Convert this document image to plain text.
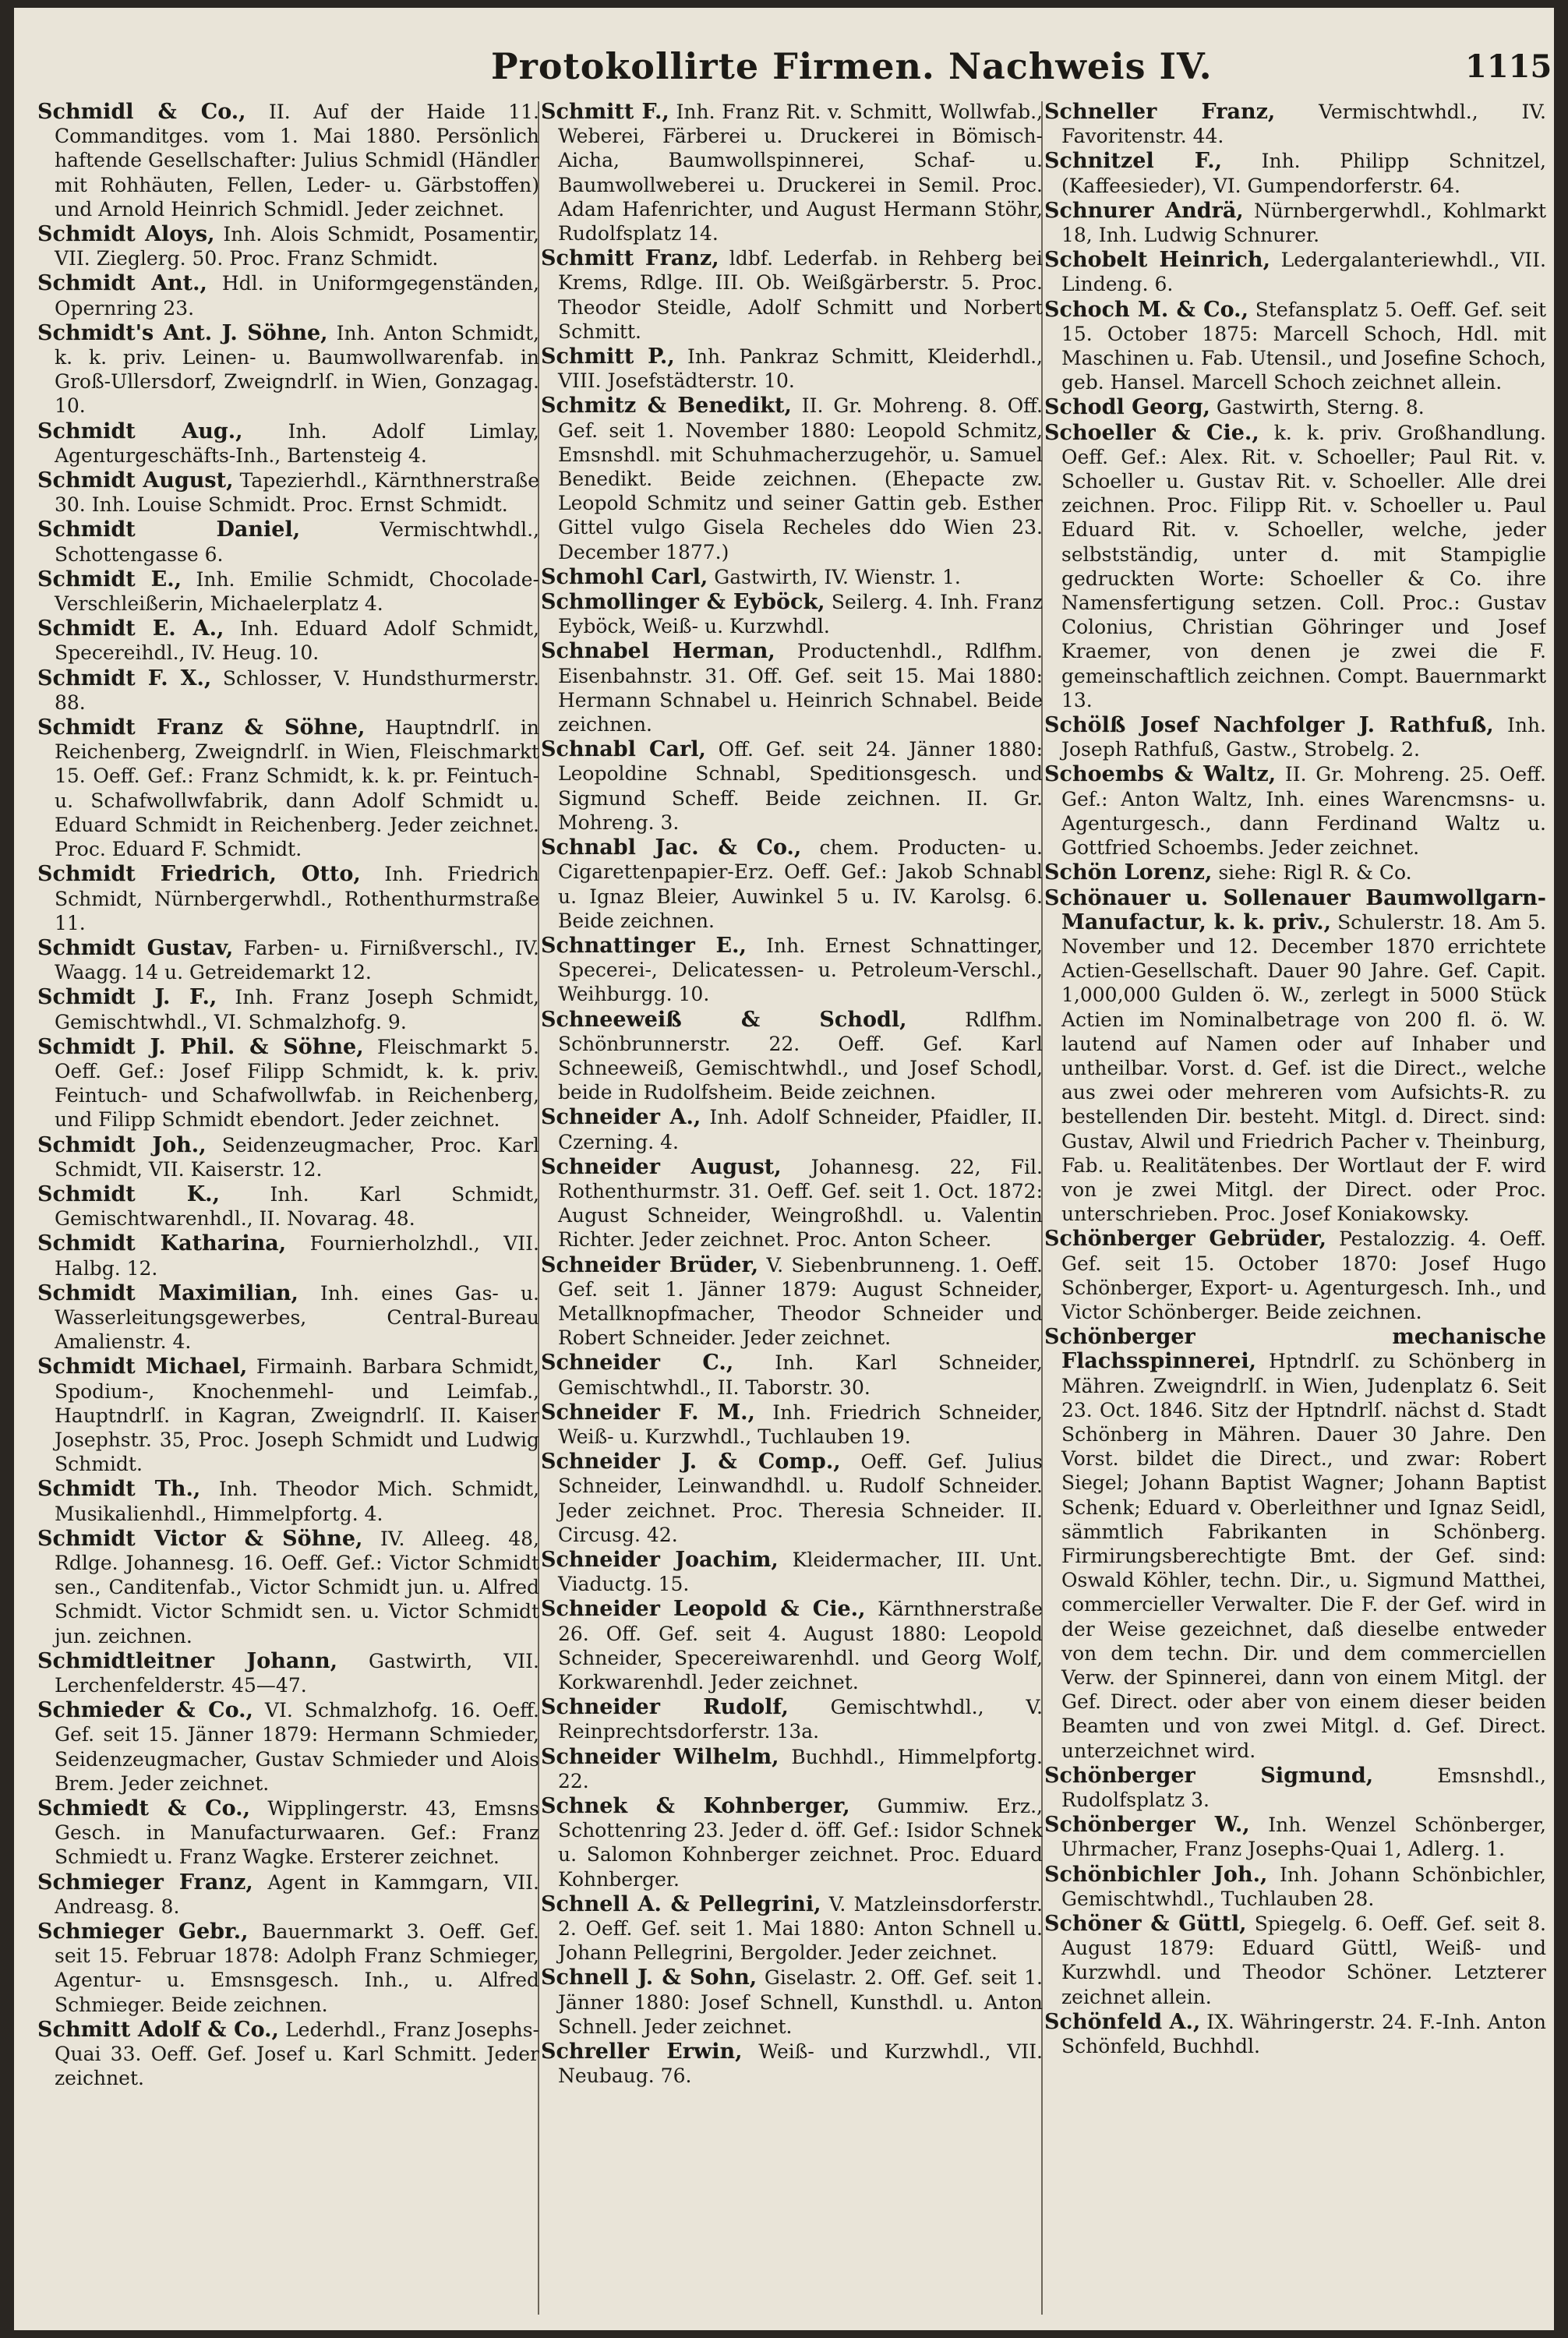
Protokollirte Firmen. Nachweis IV.	1115

Schmidl & Co., II. Auf der Haide 11. Commanditges. vom 1. Mai 1880. Persönlich haftende Gesellschafter: Julius Schmidl (Händler mit Rohhäuten, Fellen, Leder- u. Gärbstoffen) und Arnold Heinrich Schmidl. Jeder zeichnet.

Schmidt Aloys, Inh. Alois Schmidt, Posamentir, VII. Zieglerg. 50. Proc. Franz Schmidt.

Schmidt Ant., Hdl. in Uniformgegenständen, Opernring 23.

Schmidt's Ant. J. Söhne, Inh. Anton Schmidt, k. k. priv. Leinen- u. Baumwollwarenfab. in Groß-Ullersdorf, Zweigndrlſ. in Wien, Gonzagag. 10.

Schmidt Aug., Inh. Adolf Limlay, Agenturgeschäfts-Inh., Bartensteig 4.

Schmidt August, Tapezierhdl., Kärnthnerstraße 30. Inh. Louise Schmidt. Proc. Ernst Schmidt.

Schmidt Daniel, Vermischtwhdl., Schottengasse 6.

Schmidt E., Inh. Emilie Schmidt, Chocolade-Verschleißerin, Michaelerplatz 4.

Schmidt E. A., Inh. Eduard Adolf Schmidt, Specereihdl., IV. Heug. 10.

Schmidt F. X., Schlosser, V. Hundsthurmerstr. 88.

Schmidt Franz & Söhne, Hauptndrlſ. in Reichenberg, Zweigndrlſ. in Wien, Fleischmarkt 15. Oeff. Gef.: Franz Schmidt, k. k. pr. Feintuch- u. Schafwollwfabrik, dann Adolf Schmidt u. Eduard Schmidt in Reichenberg. Jeder zeichnet. Proc. Eduard F. Schmidt.

Schmidt Friedrich, Otto, Inh. Friedrich Schmidt, Nürnbergerwhdl., Rothenthurmstraße 11.

Schmidt Gustav, Farben- u. Firnißverschl., IV. Waagg. 14 u. Getreidemarkt 12.

Schmidt J. F., Inh. Franz Joseph Schmidt, Gemischtwhdl., VI. Schmalzhofg. 9.

Schmidt J. Phil. & Söhne, Fleischmarkt 5. Oeff. Gef.: Josef Filipp Schmidt, k. k. priv. Feintuch- und Schafwollwfab. in Reichenberg, und Filipp Schmidt ebendort. Jeder zeichnet.

Schmidt Joh., Seidenzeugmacher, Proc. Karl Schmidt, VII. Kaiserstr. 12.

Schmidt K., Inh. Karl Schmidt, Gemischtwarenhdl., II. Novarag. 48.

Schmidt Katharina, Fournierholzhdl., VII. Halbg. 12.

Schmidt Maximilian, Inh. eines Gas- u. Wasserleitungsgewerbes, Central-Bureau Amalienstr. 4.

Schmidt Michael, Firmainh. Barbara Schmidt, Spodium-, Knochenmehl- und Leimfab., Hauptndrlſ. in Kagran, Zweigndrlſ. II. Kaiser Josephstr. 35, Proc. Joseph Schmidt und Ludwig Schmidt.

Schmidt Th., Inh. Theodor Mich. Schmidt, Musikalienhdl., Himmelpfortg. 4.

Schmidt Victor & Söhne, IV. Alleeg. 48, Rdlge. Johannesg. 16. Oeff. Gef.: Victor Schmidt sen., Canditenfab., Victor Schmidt jun. u. Alfred Schmidt. Victor Schmidt sen. u. Victor Schmidt jun. zeichnen.

Schmidtleitner Johann, Gastwirth, VII. Lerchenfelderstr. 45—47.

Schmieder & Co., VI. Schmalzhofg. 16. Oeff. Gef. seit 15. Jänner 1879: Hermann Schmieder, Seidenzeugmacher, Gustav Schmieder und Alois Brem. Jeder zeichnet.

Schmiedt & Co., Wipplingerstr. 43, Emsns Gesch. in Manufacturwaaren. Gef.: Franz Schmiedt u. Franz Wagke. Ersterer zeichnet.

Schmieger Franz, Agent in Kammgarn, VII. Andreasg. 8.

Schmieger Gebr., Bauernmarkt 3. Oeff. Gef. seit 15. Februar 1878: Adolph Franz Schmieger, Agentur- u. Emsnsgesch. Inh., u. Alfred Schmieger. Beide zeichnen.

Schmitt Adolf & Co., Lederhdl., Franz Josephs-Quai 33. Oeff. Gef. Josef u. Karl Schmitt. Jeder zeichnet.

Schmitt F., Inh. Franz Rit. v. Schmitt, Wollwfab., Weberei, Färberei u. Druckerei in Bömisch-Aicha, Baumwollspinnerei, Schaf- u. Baumwollweberei u. Druckerei in Semil. Proc. Adam Hafenrichter, und August Hermann Stöhr, Rudolfsplatz 14.

Schmitt Franz, ldbf. Lederfab. in Rehberg bei Krems, Rdlge. III. Ob. Weißgärberstr. 5. Proc. Theodor Steidle, Adolf Schmitt und Norbert Schmitt.

Schmitt P., Inh. Pankraz Schmitt, Kleiderhdl., VIII. Josefstädterstr. 10.

Schmitz & Benedikt, II. Gr. Mohreng. 8. Off. Gef. seit 1. November 1880: Leopold Schmitz, Emsnshdl. mit Schuhmacherzugehör, u. Samuel Benedikt. Beide zeichnen. (Ehepacte zw. Leopold Schmitz und seiner Gattin geb. Esther Gittel vulgo Gisela Recheles ddo Wien 23. December 1877.)

Schmohl Carl, Gastwirth, IV. Wienstr. 1.

Schmollinger & Eyböck, Seilerg. 4. Inh. Franz Eyböck, Weiß- u. Kurzwhdl.

Schnabel Herman, Productenhdl., Rdlfhm. Eisenbahnstr. 31. Off. Gef. seit 15. Mai 1880: Hermann Schnabel u. Heinrich Schnabel. Beide zeichnen.

Schnabl Carl, Off. Gef. seit 24. Jänner 1880: Leopoldine Schnabl, Speditionsgesch. und Sigmund Scheff. Beide zeichnen. II. Gr. Mohreng. 3.

Schnabl Jac. & Co., chem. Producten- u. Cigarettenpapier-Erz. Oeff. Gef.: Jakob Schnabl u. Ignaz Bleier, Auwinkel 5 u. IV. Karolsg. 6. Beide zeichnen.

Schnattinger E., Inh. Ernest Schnattinger, Specerei-, Delicatessen- u. Petroleum-Verschl., Weihburgg. 10.

Schneeweiß & Schodl, Rdlfhm. Schönbrunnerstr. 22. Oeff. Gef. Karl Schneeweiß, Gemischtwhdl., und Josef Schodl, beide in Rudolfsheim. Beide zeichnen.

Schneider A., Inh. Adolf Schneider, Pfaidler, II. Czerning. 4.

Schneider August, Johannesg. 22, Fil. Rothenthurmstr. 31. Oeff. Gef. seit 1. Oct. 1872: August Schneider, Weingroßhdl. u. Valentin Richter. Jeder zeichnet. Proc. Anton Scheer.

Schneider Brüder, V. Siebenbrunneng. 1. Oeff. Gef. seit 1. Jänner 1879: August Schneider, Metallknopfmacher, Theodor Schneider und Robert Schneider. Jeder zeichnet.

Schneider C., Inh. Karl Schneider, Gemischtwhdl., II. Taborstr. 30.

Schneider F. M., Inh. Friedrich Schneider, Weiß- u. Kurzwhdl., Tuchlauben 19.

Schneider J. & Comp., Oeff. Gef. Julius Schneider, Leinwandhdl. u. Rudolf Schneider. Jeder zeichnet. Proc. Theresia Schneider. II. Circusg. 42.

Schneider Joachim, Kleidermacher, III. Unt. Viaductg. 15.

Schneider Leopold & Cie., Kärnthnerstraße 26. Off. Gef. seit 4. August 1880: Leopold Schneider, Specereiwarenhdl. und Georg Wolf, Korkwarenhdl. Jeder zeichnet.

Schneider Rudolf, Gemischtwhdl., V. Reinprechtsdorferstr. 13a.

Schneider Wilhelm, Buchhdl., Himmelpfortg. 22.

Schnek & Kohnberger, Gummiw. Erz., Schottenring 23. Jeder d. öff. Gef.: Isidor Schnek u. Salomon Kohnberger zeichnet. Proc. Eduard Kohnberger.

Schnell A. & Pellegrini, V. Matzleinsdorferstr. 2. Oeff. Gef. seit 1. Mai 1880: Anton Schnell u. Johann Pellegrini, Bergolder. Jeder zeichnet.

Schnell J. & Sohn, Giselastr. 2. Off. Gef. seit 1. Jänner 1880: Josef Schnell, Kunsthdl. u. Anton Schnell. Jeder zeichnet.

Schreller Erwin, Weiß- und Kurzwhdl., VII. Neubaug. 76.

Schneller Franz, Vermischtwhdl., IV. Favoritenstr. 44.

Schnitzel F., Inh. Philipp Schnitzel, (Kaffeesieder), VI. Gumpendorferstr. 64.

Schnurer Andrä, Nürnbergerwhdl., Kohlmarkt 18, Inh. Ludwig Schnurer.

Schobelt Heinrich, Ledergalanteriewhdl., VII. Lindeng. 6.

Schoch M. & Co., Stefansplatz 5. Oeff. Gef. seit 15. October 1875: Marcell Schoch, Hdl. mit Maschinen u. Fab. Utensil., und Josefine Schoch, geb. Hansel. Marcell Schoch zeichnet allein.

Schodl Georg, Gastwirth, Sterng. 8.

Schoeller & Cie., k. k. priv. Großhandlung. Oeff. Gef.: Alex. Rit. v. Schoeller; Paul Rit. v. Schoeller u. Gustav Rit. v. Schoeller. Alle drei zeichnen. Proc. Filipp Rit. v. Schoeller u. Paul Eduard Rit. v. Schoeller, welche, jeder selbstständig, unter d. mit Stampiglie gedruckten Worte: Schoeller & Co. ihre Namensfertigung setzen. Coll. Proc.: Gustav Colonius, Christian Göhringer und Josef Kraemer, von denen je zwei die F. gemeinschaftlich zeichnen. Compt. Bauernmarkt 13.

Schölß Josef Nachfolger J. Rathfuß, Inh. Joseph Rathfuß, Gastw., Strobelg. 2.

Schoembs & Waltz, II. Gr. Mohreng. 25. Oeff. Gef.: Anton Waltz, Inh. eines Warencmsns- u. Agenturgesch., dann Ferdinand Waltz u. Gottfried Schoembs. Jeder zeichnet.

Schön Lorenz, siehe: Rigl R. & Co.

Schönauer u. Sollenauer Baumwollgarn-Manufactur, k. k. priv., Schulerstr. 18. Am 5. November und 12. December 1870 errichtete Actien-Gesellschaft. Dauer 90 Jahre. Gef. Capit. 1,000,000 Gulden ö. W., zerlegt in 5000 Stück Actien im Nominalbetrage von 200 fl. ö. W. lautend auf Namen oder auf Inhaber und untheilbar. Vorst. d. Gef. ist die Direct., welche aus zwei oder mehreren vom Aufsichts-R. zu bestellenden Dir. besteht. Mitgl. d. Direct. sind: Gustav, Alwil und Friedrich Pacher v. Theinburg, Fab. u. Realitätenbes. Der Wortlaut der F. wird von je zwei Mitgl. der Direct. oder Proc. unterschrieben. Proc. Josef Koniakowsky.

Schönberger Gebrüder, Pestalozzig. 4. Oeff. Gef. seit 15. October 1870: Josef Hugo Schönberger, Export- u. Agenturgesch. Inh., und Victor Schönberger. Beide zeichnen.

Schönberger mechanische Flachsspinnerei, Hptndrlſ. zu Schönberg in Mähren. Zweigndrlſ. in Wien, Judenplatz 6. Seit 23. Oct. 1846. Sitz der Hptndrlſ. nächst d. Stadt Schönberg in Mähren. Dauer 30 Jahre. Den Vorst. bildet die Direct., und zwar: Robert Siegel; Johann Baptist Wagner; Johann Baptist Schenk; Eduard v. Oberleithner und Ignaz Seidl, sämmtlich Fabrikanten in Schönberg. Firmirungsberechtigte Bmt. der Gef. sind: Oswald Köhler, techn. Dir., u. Sigmund Matthei, commercieller Verwalter. Die F. der Gef. wird in der Weise gezeichnet, daß dieselbe entweder von dem techn. Dir. und dem commerciellen Verw. der Spinnerei, dann von einem Mitgl. der Gef. Direct. oder aber von einem dieser beiden Beamten und von zwei Mitgl. d. Gef. Direct. unterzeichnet wird.

Schönberger Sigmund, Emsnshdl., Rudolfsplatz 3.

Schönberger W., Inh. Wenzel Schönberger, Uhrmacher, Franz Josephs-Quai 1, Adlerg. 1.

Schönbichler Joh., Inh. Johann Schönbichler, Gemischtwhdl., Tuchlauben 28.

Schöner & Güttl, Spiegelg. 6. Oeff. Gef. seit 8. August 1879: Eduard Güttl, Weiß- und Kurzwhdl. und Theodor Schöner. Letzterer zeichnet allein.

Schönfeld A., IX. Währingerstr. 24. F.-Inh. Anton Schönfeld, Buchhdl.
